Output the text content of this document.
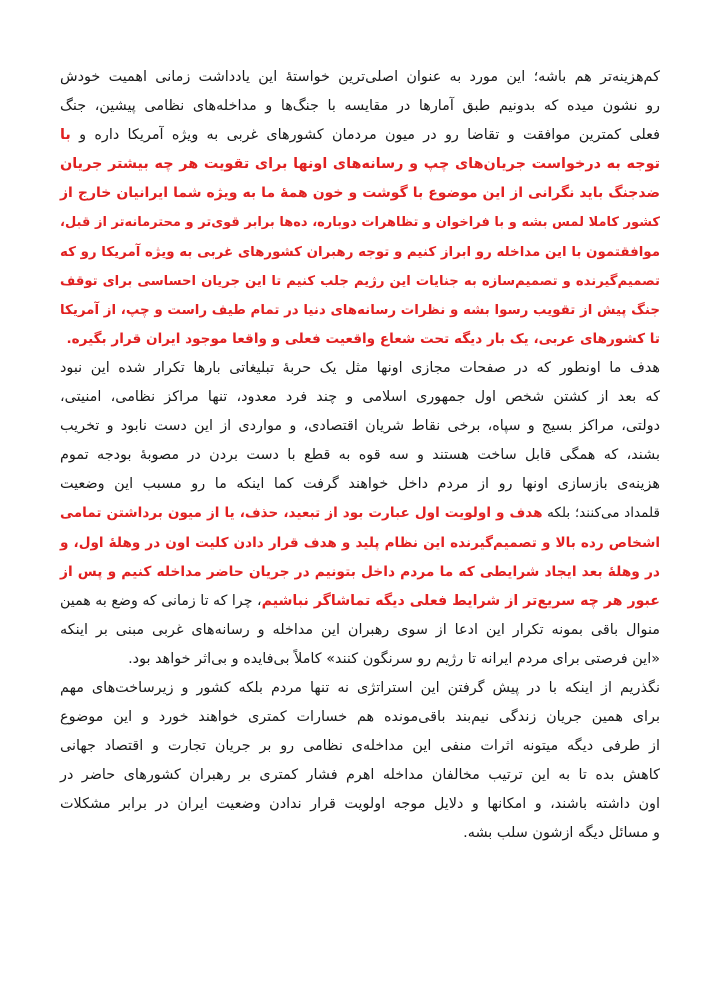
کم‌هزینه‌تر هم باشه؛ این مورد به عنوان اصلی‌ترین خواستهٔ این یادداشت زمانی اهمیت خودش
رو نشون میده که بدونیم طبق آمارها در مقایسه با جنگ‌ها و مداخله‌های نظامی پیشین، جنگ
فعلی کمترین موافقت و تقاضا رو در میون مردمان کشورهای غربی به ویژه آمریکا داره و با
توجه به درخواست جریان‌های چپ و رسانه‌های اونها برای تقویت هر چه بیشتر جریان
ضدجنگ باید نگرانی از این موضوع با گوشت و خون همهٔ ما به ویژه شما ایرانیان خارج از
کشور کاملا لمس بشه و با فراخوان و تظاهرات دوباره، ده‌ها برابر قوی‌تر و محترمانه‌تر از قبل،
موافقتمون با این مداخله رو ابراز کنیم و توجه رهبران کشورهای غربی به ویژه آمریکا رو که
تصمیم‌گیرنده و تصمیم‌سازه به جنایات این رژیم جلب کنیم تا این جریان احساسی برای توقف
جنگ پیش از تقویب رسوا بشه و نظرات رسانه‌های دنیا در تمام طیف راست و چپ، از آمریکا
تا کشورهای عربی، یک بار دیگه تحت شعاع واقعیت فعلی و واقعا موجود ایران قرار بگیره.
هدف ما اونطور که در صفحات مجازی اونها مثل یک حربهٔ تبلیغاتی بارها تکرار شده این نبود
که بعد از کشتن شخص اول جمهوری اسلامی و چند فرد معدود، تنها مراکز نظامی، امنیتی،
دولتی، مراکز بسیج و سپاه، برخی نقاط شریان اقتصادی، و مواردی از این دست نابود و تخریب
بشند، که همگی قابل ساخت هستند و سه قوه به قطع با دست بردن در مصوبهٔ بودجه تموم
هزینه‌ی بازسازی اونها رو از مردم داخل خواهند گرفت کما اینکه ما رو مسبب این وضعیت
قلمداد می‌کنند؛ بلکه هدف و اولویت اول عبارت بود از تبعید، حذف، یا از میون برداشتن تمامی
اشخاص رده بالا و تصمیم‌گیرنده این نظام پلید و هدف قرار دادن کلیت اون در وهلهٔ اول، و
در وهلهٔ بعد ایجاد شرایطی که ما مردم داخل بتونیم در جریان حاضر مداخله کنیم و پس از
عبور هر چه سریع‌تر از شرایط فعلی دیگه تماشاگر نباشیم، چرا که تا زمانی که وضع به همین
منوال باقی بمونه تکرار این ادعا از سوی رهبران این مداخله و رسانه‌های غربی مبنی بر اینکه
«این فرصتی برای مردم ایرانه تا رژیم رو سرنگون کنند» کاملاً بی‌فایده و بی‌اثر خواهد بود.
نگذریم از اینکه با در پیش گرفتن این استراتژی نه تنها مردم بلکه کشور و زیرساخت‌های مهم
برای همین جریان زندگی نیم‌بند باقی‌مونده هم خسارات کمتری خواهند خورد و این موضوع
از طرفی دیگه میتونه اثرات منفی این مداخله‌ی نظامی رو بر جریان تجارت و اقتصاد جهانی
کاهش بده تا به این ترتیب مخالفان مداخله اهرم فشار کمتری بر رهبران کشورهای حاضر در
اون داشته باشند، و امکانها و دلایل موجه اولویت قرار ندادن وضعیت ایران در برابر مشکلات
و مسائل دیگه ازشون سلب بشه.
